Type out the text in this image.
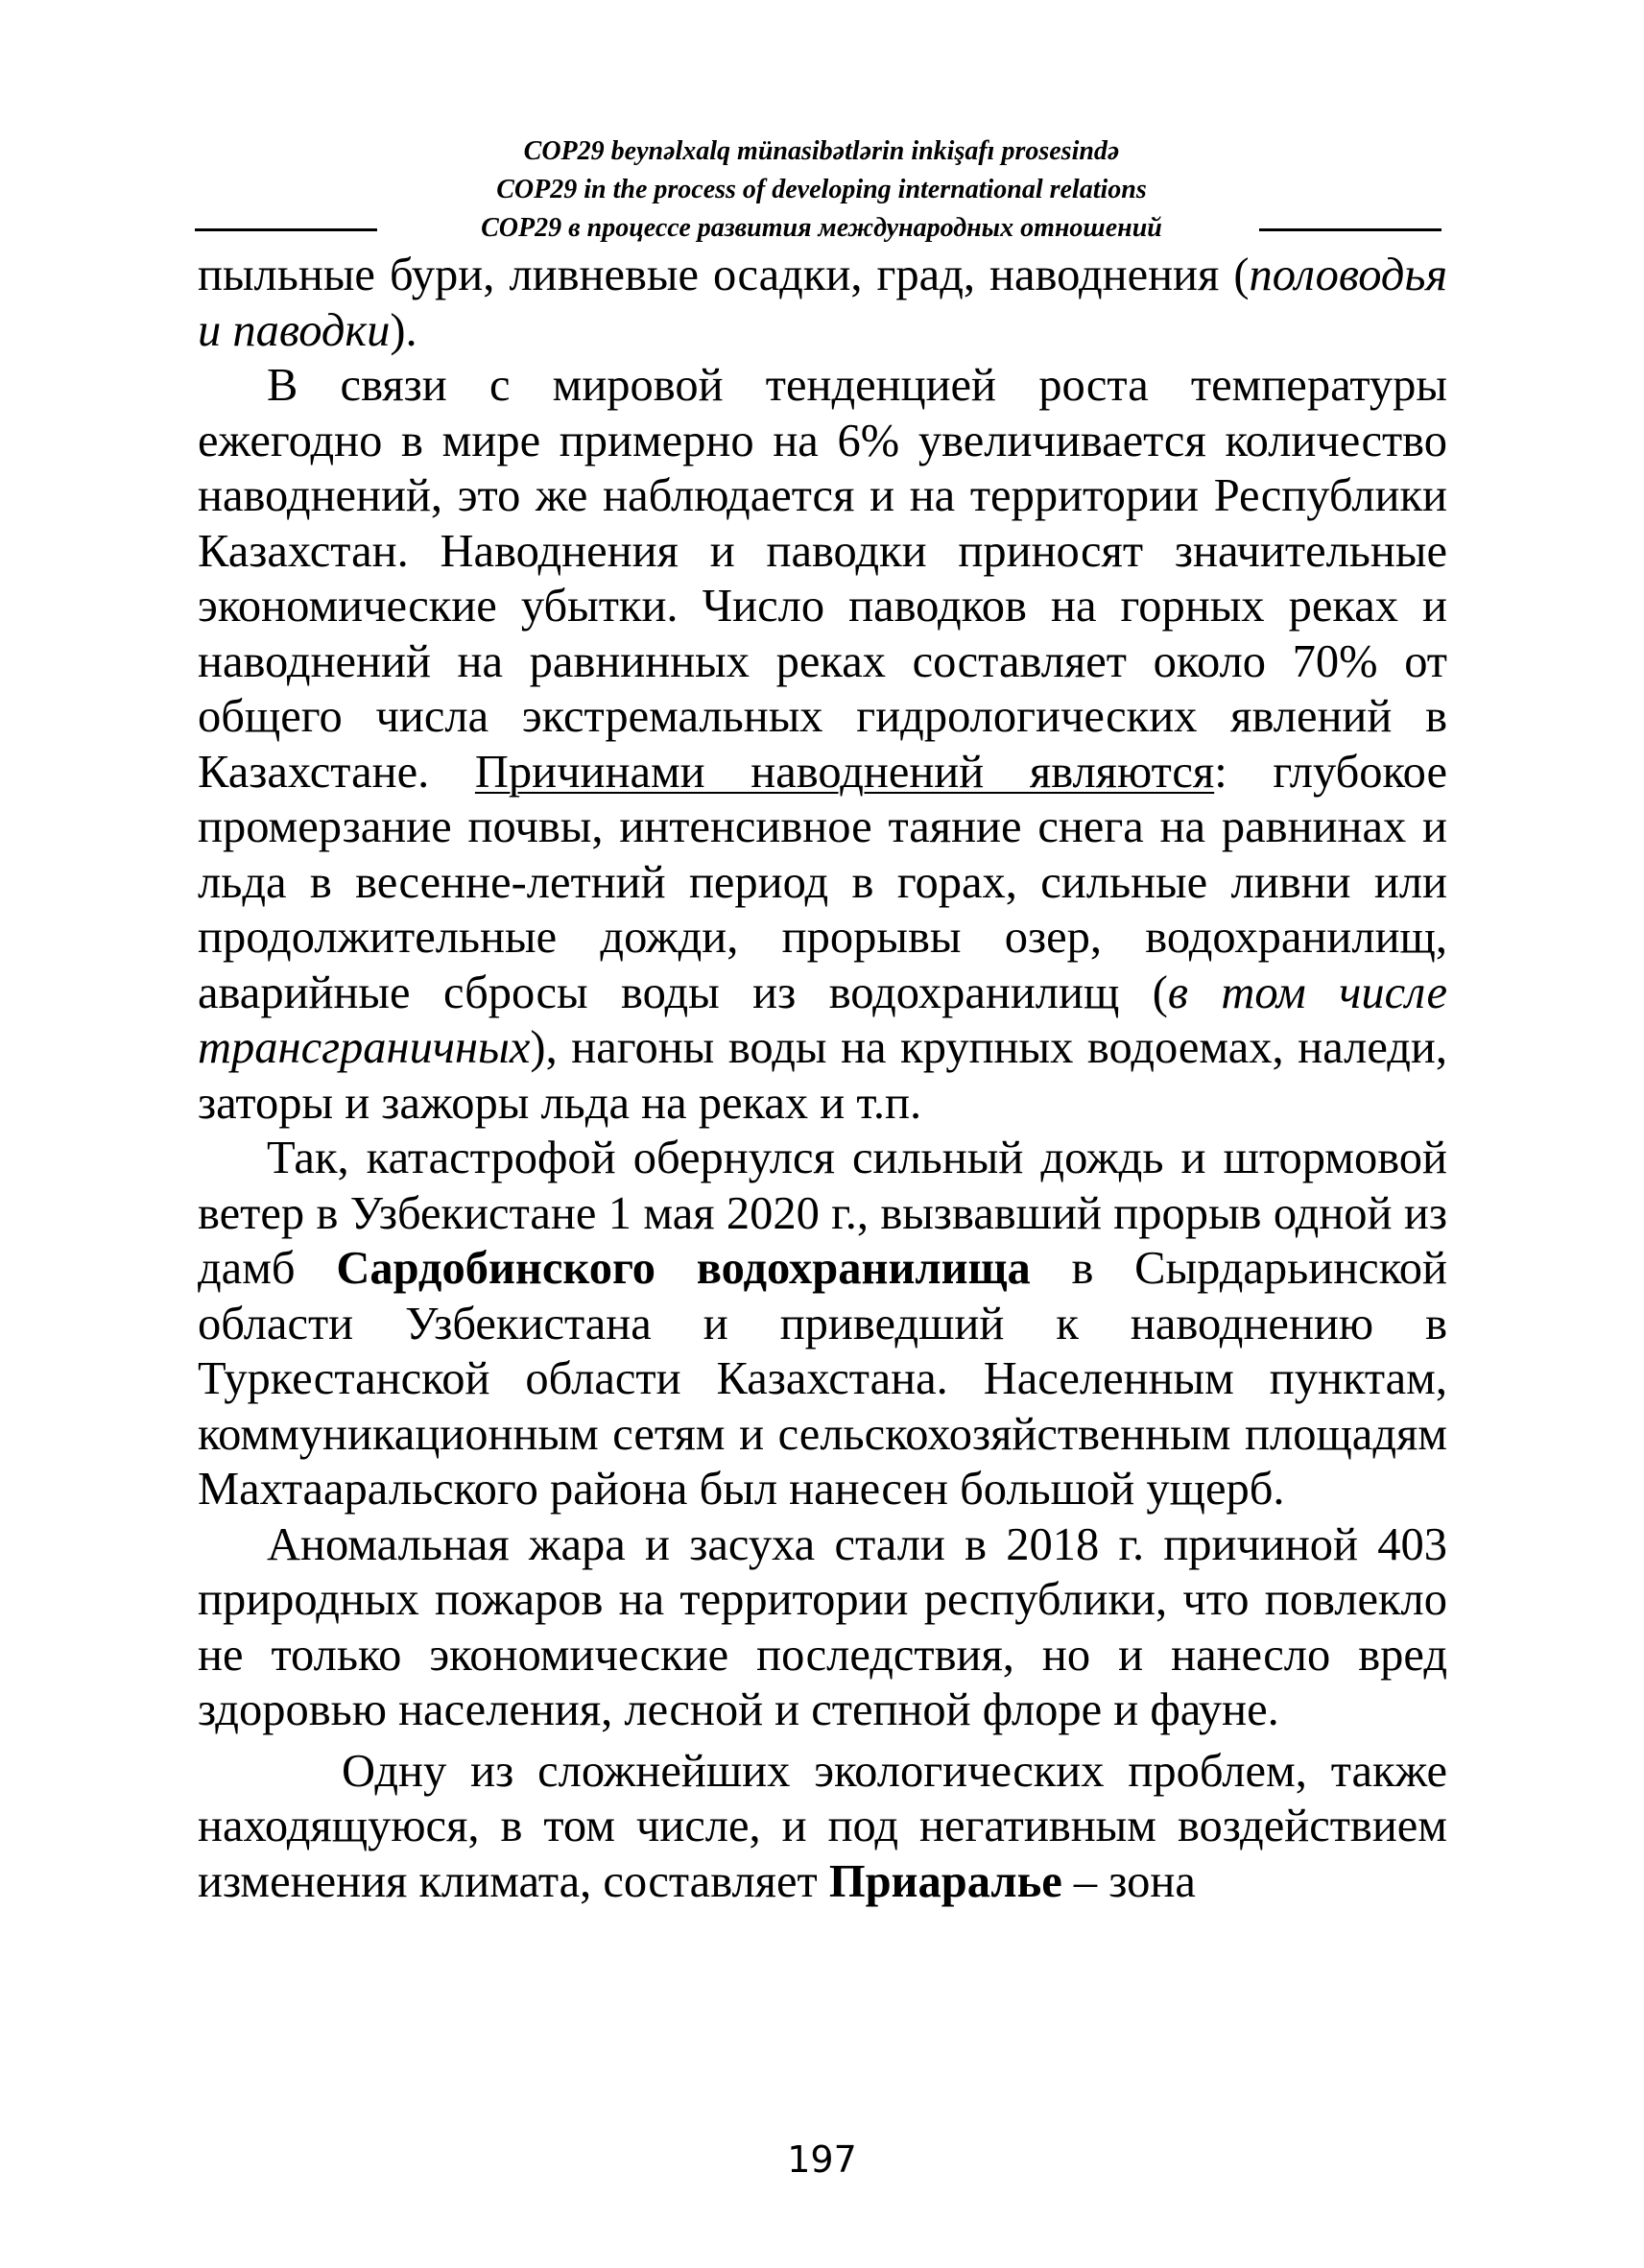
COP29 beynəlxalq münasibətlərin inkişafı prosesində
COP29 in the process of developing international relations
COP29 в процессе развития международных отношений

пыльные бури, ливневые осадки, град, наводнения (половодья и паводки).

В связи с мировой тенденцией роста температуры ежегодно в мире примерно на 6% увеличивается количество наводнений, это же наблюдается и на территории Республики Казахстан. Наводнения и паводки приносят значительные экономические убытки. Число паводков на горных реках и наводнений на равнинных реках составляет около 70% от общего числа экстремальных гидрологических явлений в Казахстане. Причинами наводнений являются: глубокое промерзание почвы, интенсивное таяние снега на равнинах и льда в весенне-летний период в горах, сильные ливни или продолжительные дожди, прорывы озер, водохранилищ, аварийные сбросы воды из водохранилищ (в том числе трансграничных), нагоны воды на крупных водоемах, наледи, заторы и зажоры льда на реках и т.п.

Так, катастрофой обернулся сильный дождь и штормовой ветер в Узбекистане 1 мая 2020 г., вызвавший прорыв одной из дамб Сардобинского водохранилища в Сырдарьинской области Узбекистана и приведший к наводнению в Туркестанской области Казахстана. Населенным пунктам, коммуникационным сетям и сельскохозяйственным площадям Махтааральского района был нанесен большой ущерб.

Аномальная жара и засуха стали в 2018 г. причиной 403 природных пожаров на территории республики, что повлекло не только экономические последствия, но и нанесло вред здоровью населения, лесной и степной флоре и фауне.

Одну из сложнейших экологических проблем, также находящуюся, в том числе, и под негативным воздействием изменения климата, составляет Приаралье – зона

197
